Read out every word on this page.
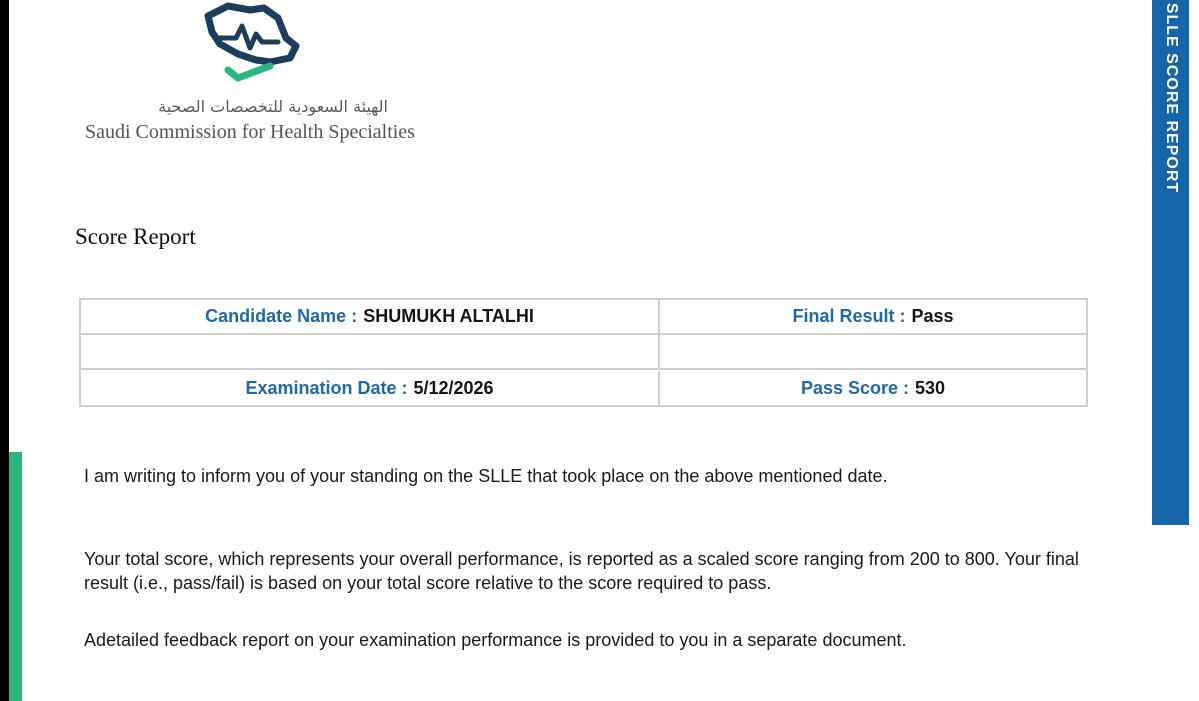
الهيئة السعودية للتخصصات الصحية
Saudi Commission for Health Specialties
Score Report
Candidate Name : SHUMUKH ALTALHI	Final Result : Pass
Examination Date : 5/12/2026	Pass Score : 530

I am writing to inform you of your standing on the SLLE that took place on the above mentioned date.

Your total score, which represents your overall performance, is reported as a scaled score ranging from 200 to 800. Your final result (i.e., pass/fail) is based on your total score relative to the score required to pass.

Adetailed feedback report on your examination performance is provided to you in a separate document.

SLLE SCORE REPORT
